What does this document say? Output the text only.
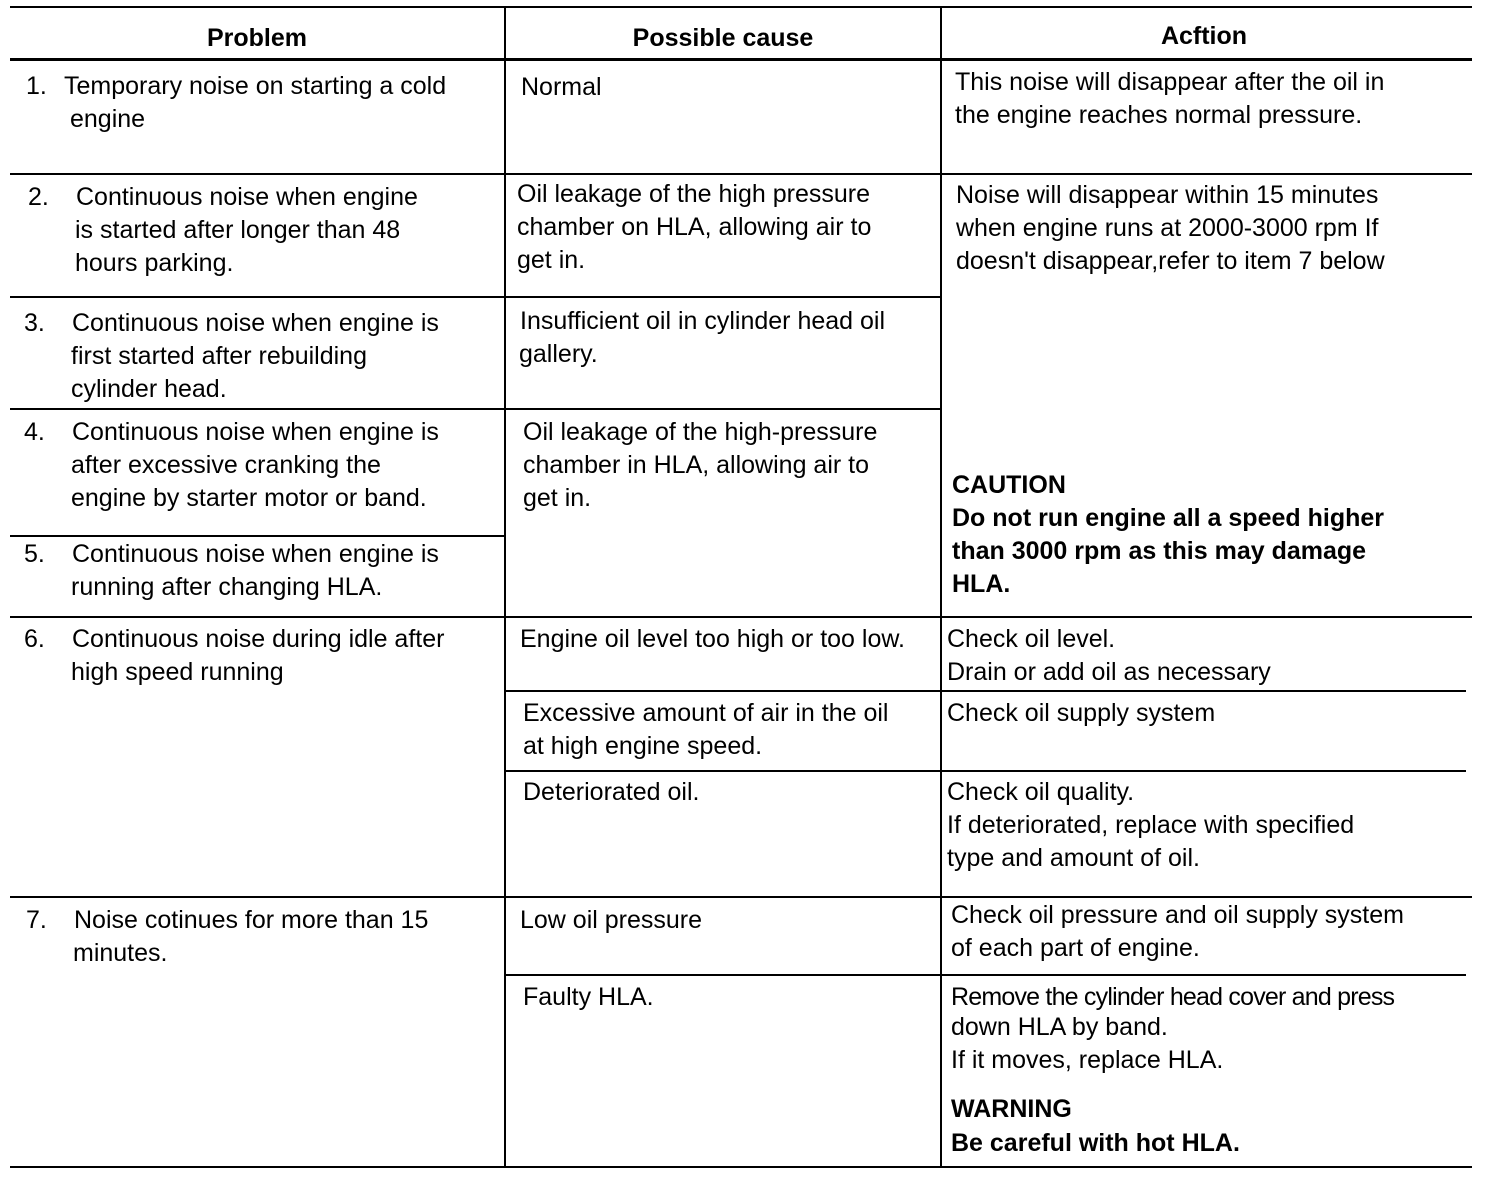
Problem	Possible cause	Acftion
1. Temporary noise on starting a cold
engine
2. Continuous noise when engine
is started after longer than 48
hours parking.
3. Continuous noise when engine is
first started after rebuilding
cylinder head.
4. Continuous noise when engine is
after excessive cranking the
engine by starter motor or band.
5. Continuous noise when engine is
running after changing HLA.
6. Continuous noise during idle after
high speed running
7. Noise cotinues for more than 15
minutes.
Normal
Oil leakage of the high pressure
chamber on HLA, allowing air to
get in.
Insufficient oil in cylinder head oil
gallery.
Oil leakage of the high-pressure
chamber in HLA, allowing air to
get in.
Engine oil level too high or too low.
Excessive amount of air in the oil
at high engine speed.
Deteriorated oil.
Low oil pressure
Faulty HLA.
This noise will disappear after the oil in
the engine reaches normal pressure.
Noise will disappear within 15 minutes
when engine runs at 2000-3000 rpm If
doesn't disappear,refer to item 7 below
CAUTION
Do not run engine all a speed higher
than 3000 rpm as this may damage
HLA.
Check oil level.
Drain or add oil as necessary
Check oil supply system
Check oil quality.
If deteriorated, replace with specified
type and amount of oil.
Check oil pressure and oil supply system
of each part of engine.
Remove the cylinder head cover and press
down HLA by band.
If it moves, replace HLA.
WARNING
Be careful with hot HLA.
